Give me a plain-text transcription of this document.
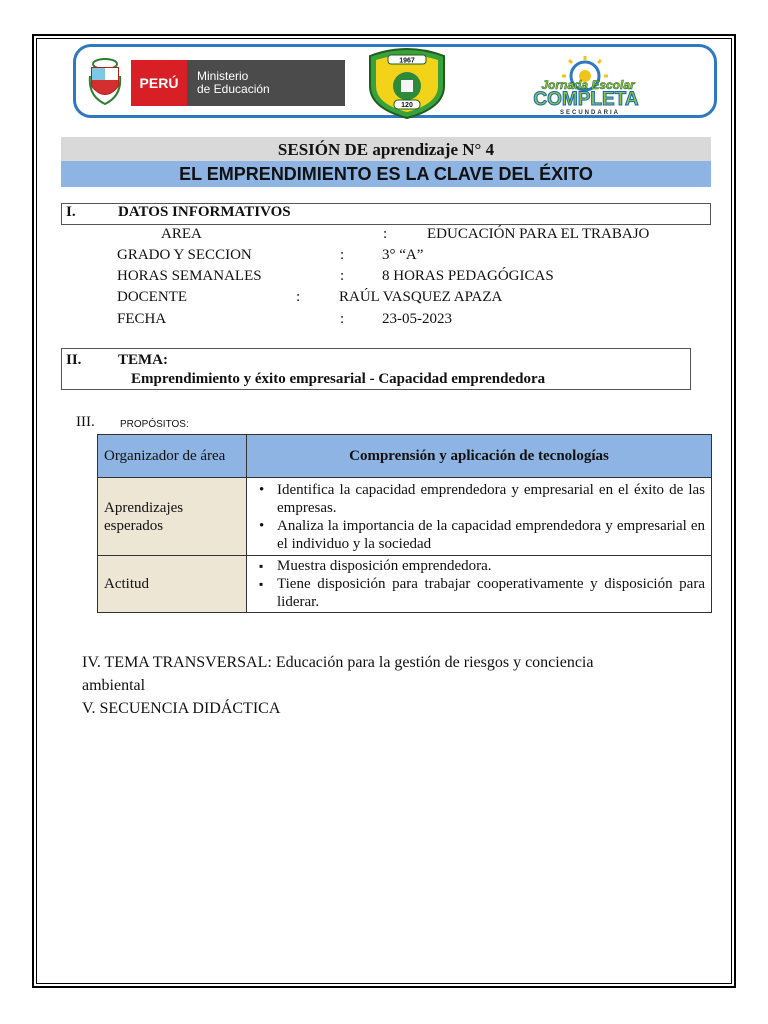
PERÚ	Ministerio
de Educación
1967
120
Jornada Escolar
COMPLETA
SECUNDARIA
SESIÓN DE aprendizaje N° 4
EL EMPRENDIMIENTO ES LA CLAVE DEL ÉXITO
I.	DATOS INFORMATIVOS
AREA	:	EDUCACIÓN PARA EL TRABAJO
GRADO Y SECCION	:	3° “A”
HORAS SEMANALES	:	8 HORAS PEDAGÓGICAS
DOCENTE	:	RAÚL VASQUEZ APAZA
FECHA	:	23-05-2023
II. TEMA:
Emprendimiento y éxito empresarial - Capacidad emprendedora
III.	PROPÓSITOS:
Organizador de área	Comprensión y aplicación de tecnologías
Aprendizajes esperados	• Identifica la capacidad emprendedora y empresarial en el éxito de las empresas.
• Analiza la importancia de la capacidad emprendedora y empresarial en el individuo y la sociedad

Actitud	▪ Muestra disposición emprendedora.
▪ Tiene disposición para trabajar cooperativamente y disposición para liderar.
IV. TEMA TRANSVERSAL: Educación para la gestión de riesgos y conciencia
ambiental
V. SECUENCIA DIDÁCTICA
